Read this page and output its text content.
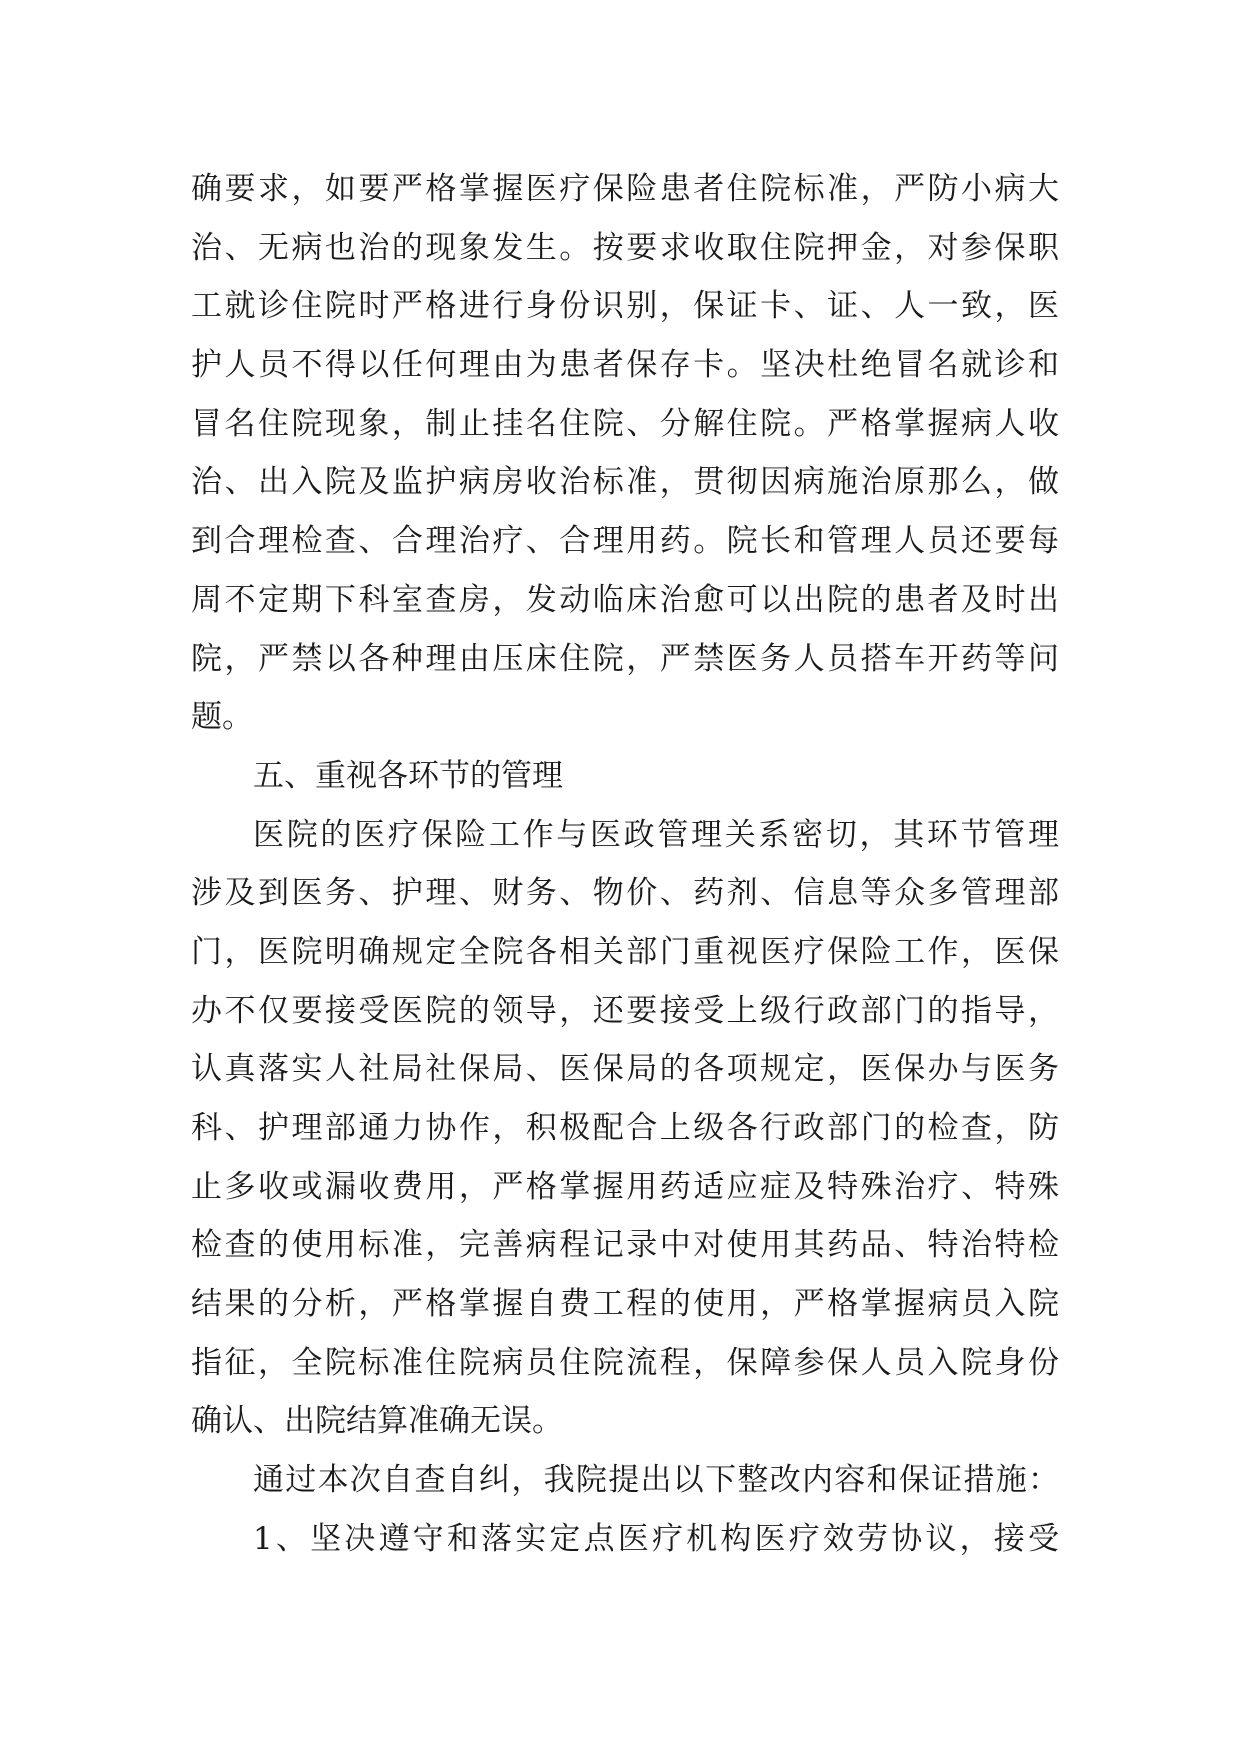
确要求，如要严格掌握医疗保险患者住院标准，严防小病大
治、无病也治的现象发生。按要求收取住院押金，对参保职
工就诊住院时严格进行身份识别，保证卡、证、人一致，医
护人员不得以任何理由为患者保存卡。坚决杜绝冒名就诊和
冒名住院现象，制止挂名住院、分解住院。严格掌握病人收
治、出入院及监护病房收治标准，贯彻因病施治原那么，做
到合理检查、合理治疗、合理用药。院长和管理人员还要每
周不定期下科室查房，发动临床治愈可以出院的患者及时出
院，严禁以各种理由压床住院，严禁医务人员搭车开药等问
题。
五、重视各环节的管理
医院的医疗保险工作与医政管理关系密切，其环节管理
涉及到医务、护理、财务、物价、药剂、信息等众多管理部
门，医院明确规定全院各相关部门重视医疗保险工作，医保
办不仅要接受医院的领导，还要接受上级行政部门的指导，
认真落实人社局社保局、医保局的各项规定，医保办与医务
科、护理部通力协作，积极配合上级各行政部门的检查，防
止多收或漏收费用，严格掌握用药适应症及特殊治疗、特殊
检查的使用标准，完善病程记录中对使用其药品、特治特检
结果的分析，严格掌握自费工程的使用，严格掌握病员入院
指征，全院标准住院病员住院流程，保障参保人员入院身份
确认、出院结算准确无误。
通过本次自查自纠，我院提出以下整改内容和保证措施：
1、坚决遵守和落实定点医疗机构医疗效劳协议，接受
